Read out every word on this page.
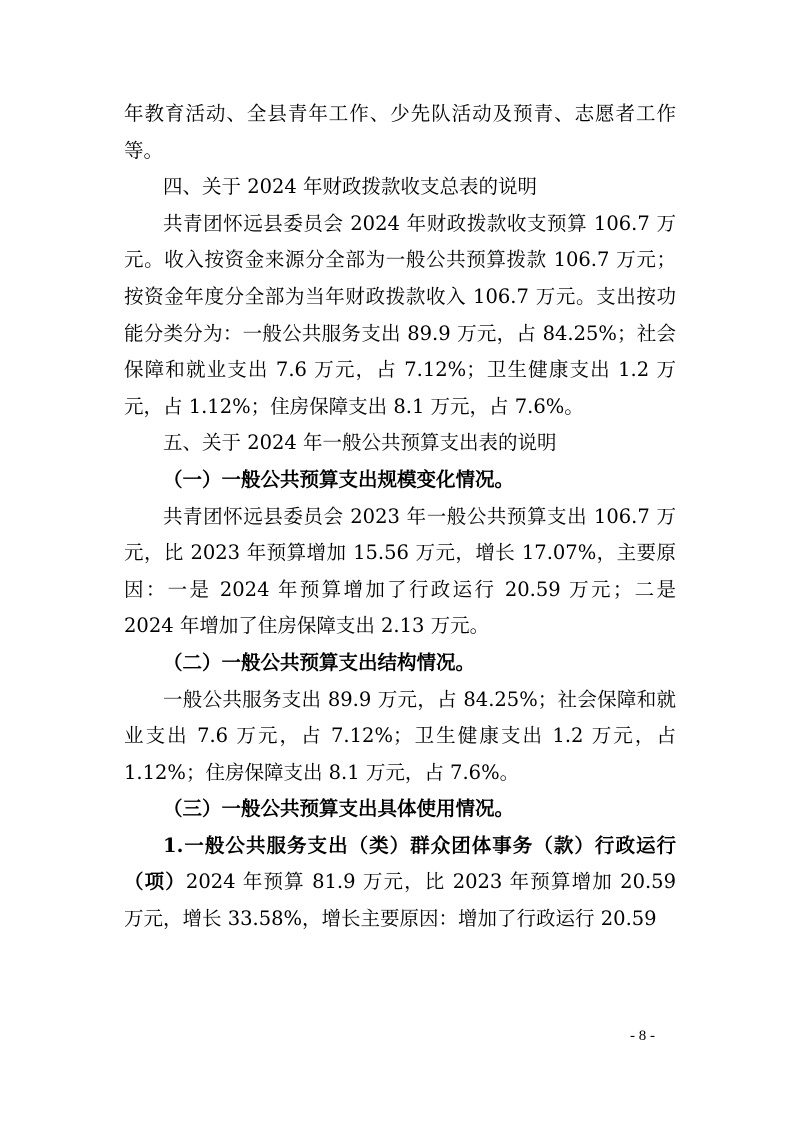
年教育活动、全县青年工作、少先队活动及预青、志愿者工作等。

四、关于 2024 年财政拨款收支总表的说明

共青团怀远县委员会 2024 年财政拨款收支预算 106.7 万元。收入按资金来源分全部为一般公共预算拨款 106.7 万元；按资金年度分全部为当年财政拨款收入 106.7 万元。支出按功能分类分为：一般公共服务支出 89.9 万元，占 84.25%；社会保障和就业支出 7.6 万元，占 7.12%；卫生健康支出 1.2 万元，占 1.12%；住房保障支出 8.1 万元，占 7.6%。

五、关于 2024 年一般公共预算支出表的说明

（一）一般公共预算支出规模变化情况。

共青团怀远县委员会 2023 年一般公共预算支出 106.7 万元，比 2023 年预算增加 15.56 万元，增长 17.07%，主要原因：一是 2024 年预算增加了行政运行 20.59 万元；二是 2024 年增加了住房保障支出 2.13 万元。

（二）一般公共预算支出结构情况。

一般公共服务支出 89.9 万元，占 84.25%；社会保障和就业支出 7.6 万元，占 7.12%；卫生健康支出 1.2 万元，占 1.12%；住房保障支出 8.1 万元，占 7.6%。

（三）一般公共预算支出具体使用情况。

1.一般公共服务支出（类）群众团体事务（款）行政运行（项）2024 年预算 81.9 万元，比 2023 年预算增加 20.59 万元，增长 33.58%，增长主要原因：增加了行政运行 20.59

- 8 -
